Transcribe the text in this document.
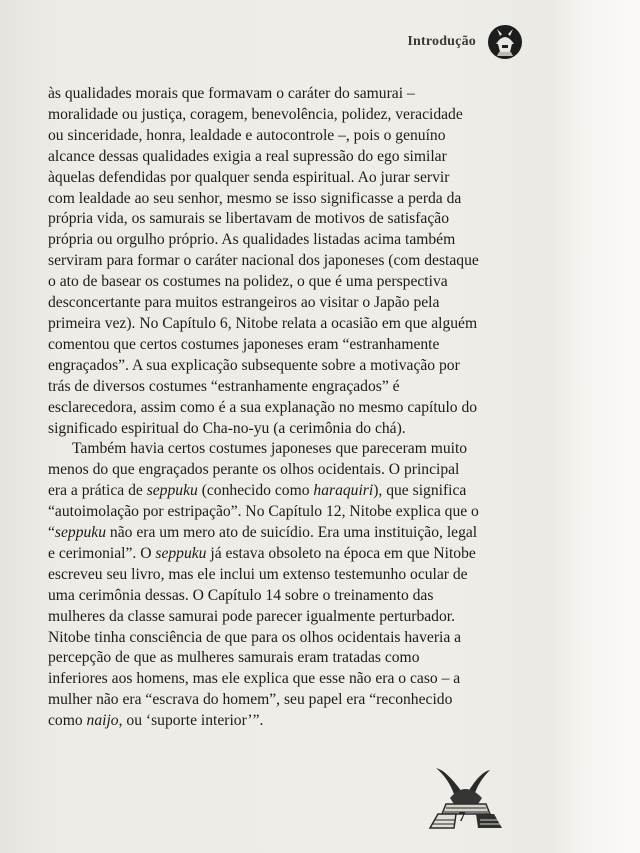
Introdução

às qualidades morais que formavam o caráter do samurai – moralidade ou justiça, coragem, benevolência, polidez, veracidade ou sinceridade, honra, lealdade e autocontrole –, pois o genuíno alcance dessas qualidades exigia a real supressão do ego similar àquelas defendidas por qualquer senda espiritual. Ao jurar servir com lealdade ao seu senhor, mesmo se isso significasse a perda da própria vida, os samurais se libertavam de motivos de satisfação própria ou orgulho próprio. As qualidades listadas acima também serviram para formar o caráter nacional dos japoneses (com destaque o ato de basear os costumes na polidez, o que é uma perspectiva desconcertante para muitos estrangeiros ao visitar o Japão pela primeira vez). No Capítulo 6, Nitobe relata a ocasião em que alguém comentou que certos costumes japoneses eram “estranhamente engraçados”. A sua explicação subsequente sobre a motivação por trás de diversos costumes “estranhamente engraçados” é esclarecedora, assim como é a sua explanação no mesmo capítulo do significado espiritual do Cha-no-yu (a cerimônia do chá).

Também havia certos costumes japoneses que pareceram muito menos do que engraçados perante os olhos ocidentais. O principal era a prática de seppuku (conhecido como haraquiri), que significa “autoimolação por estripação”. No Capítulo 12, Nitobe explica que o “seppuku não era um mero ato de suicídio. Era uma instituição, legal e cerimonial”. O seppuku já estava obsoleto na época em que Nitobe escreveu seu livro, mas ele inclui um extenso testemunho ocular de uma cerimônia dessas. O Capítulo 14 sobre o treinamento das mulheres da classe samurai pode parecer igualmente perturbador. Nitobe tinha consciência de que para os olhos ocidentais haveria a percepção de que as mulheres samurais eram tratadas como inferiores aos homens, mas ele explica que esse não era o caso – a mulher não era “escrava do homem”, seu papel era “reconhecido como naijo, ou ‘suporte interior’”.

7
